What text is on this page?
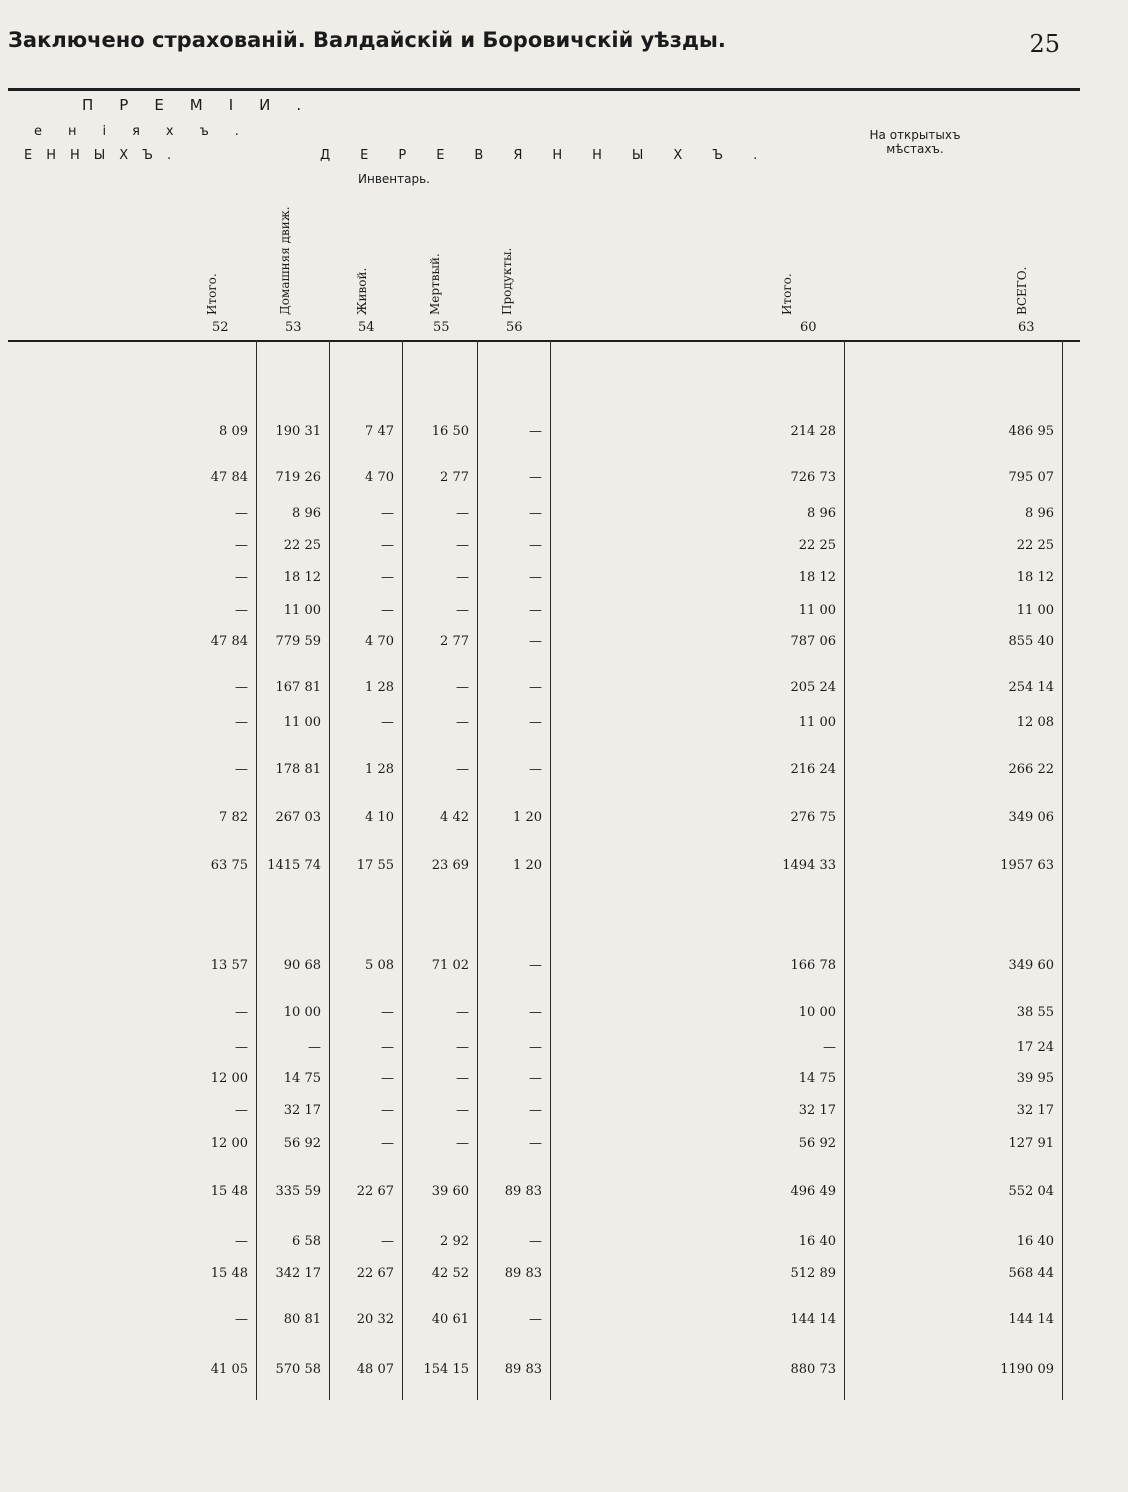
Заключено страхованій. Валдайскій и Боровичскій уѣзды.	25
ПРЕМІИ.
еніяхъ.
ЕННЫХЪ.	ДЕРЕВЯННЫХЪ.
На открытыхъ мѣстахъ.
Инвентарь.
Итого.
52
Домашняя движ.
53
Живой.
54
Мертвый.
55
Продукты.
56
Итого.
60
ВСЕГО.
63
8 09	190 31	7 47	16 50	—	214 28	486 95
47 84	719 26	4 70	2 77	—	726 73	795 07
—	8 96	—	—	—	8 96	8 96
—	22 25	—	—	—	22 25	22 25
—	18 12	—	—	—	18 12	18 12
—	11 00	—	—	—	11 00	11 00
47 84	779 59	4 70	2 77	—	787 06	855 40
—	167 81	1 28	—	—	205 24	254 14
—	11 00	—	—	—	11 00	12 08
—	178 81	1 28	—	—	216 24	266 22
7 82	267 03	4 10	4 42	1 20	276 75	349 06
63 75	1415 74	17 55	23 69	1 20	1494 33	1957 63
13 57	90 68	5 08	71 02	—	166 78	349 60
—	10 00	—	—	—	10 00	38 55
—	—	—	—	—	—	17 24
12 00	14 75	—	—	—	14 75	39 95
—	32 17	—	—	—	32 17	32 17
12 00	56 92	—	—	—	56 92	127 91
15 48	335 59	22 67	39 60	89 83	496 49	552 04
—	6 58	—	2 92	—	16 40	16 40
15 48	342 17	22 67	42 52	89 83	512 89	568 44
—	80 81	20 32	40 61	—	144 14	144 14
41 05	570 58	48 07	154 15	89 83	880 73	1190 09
